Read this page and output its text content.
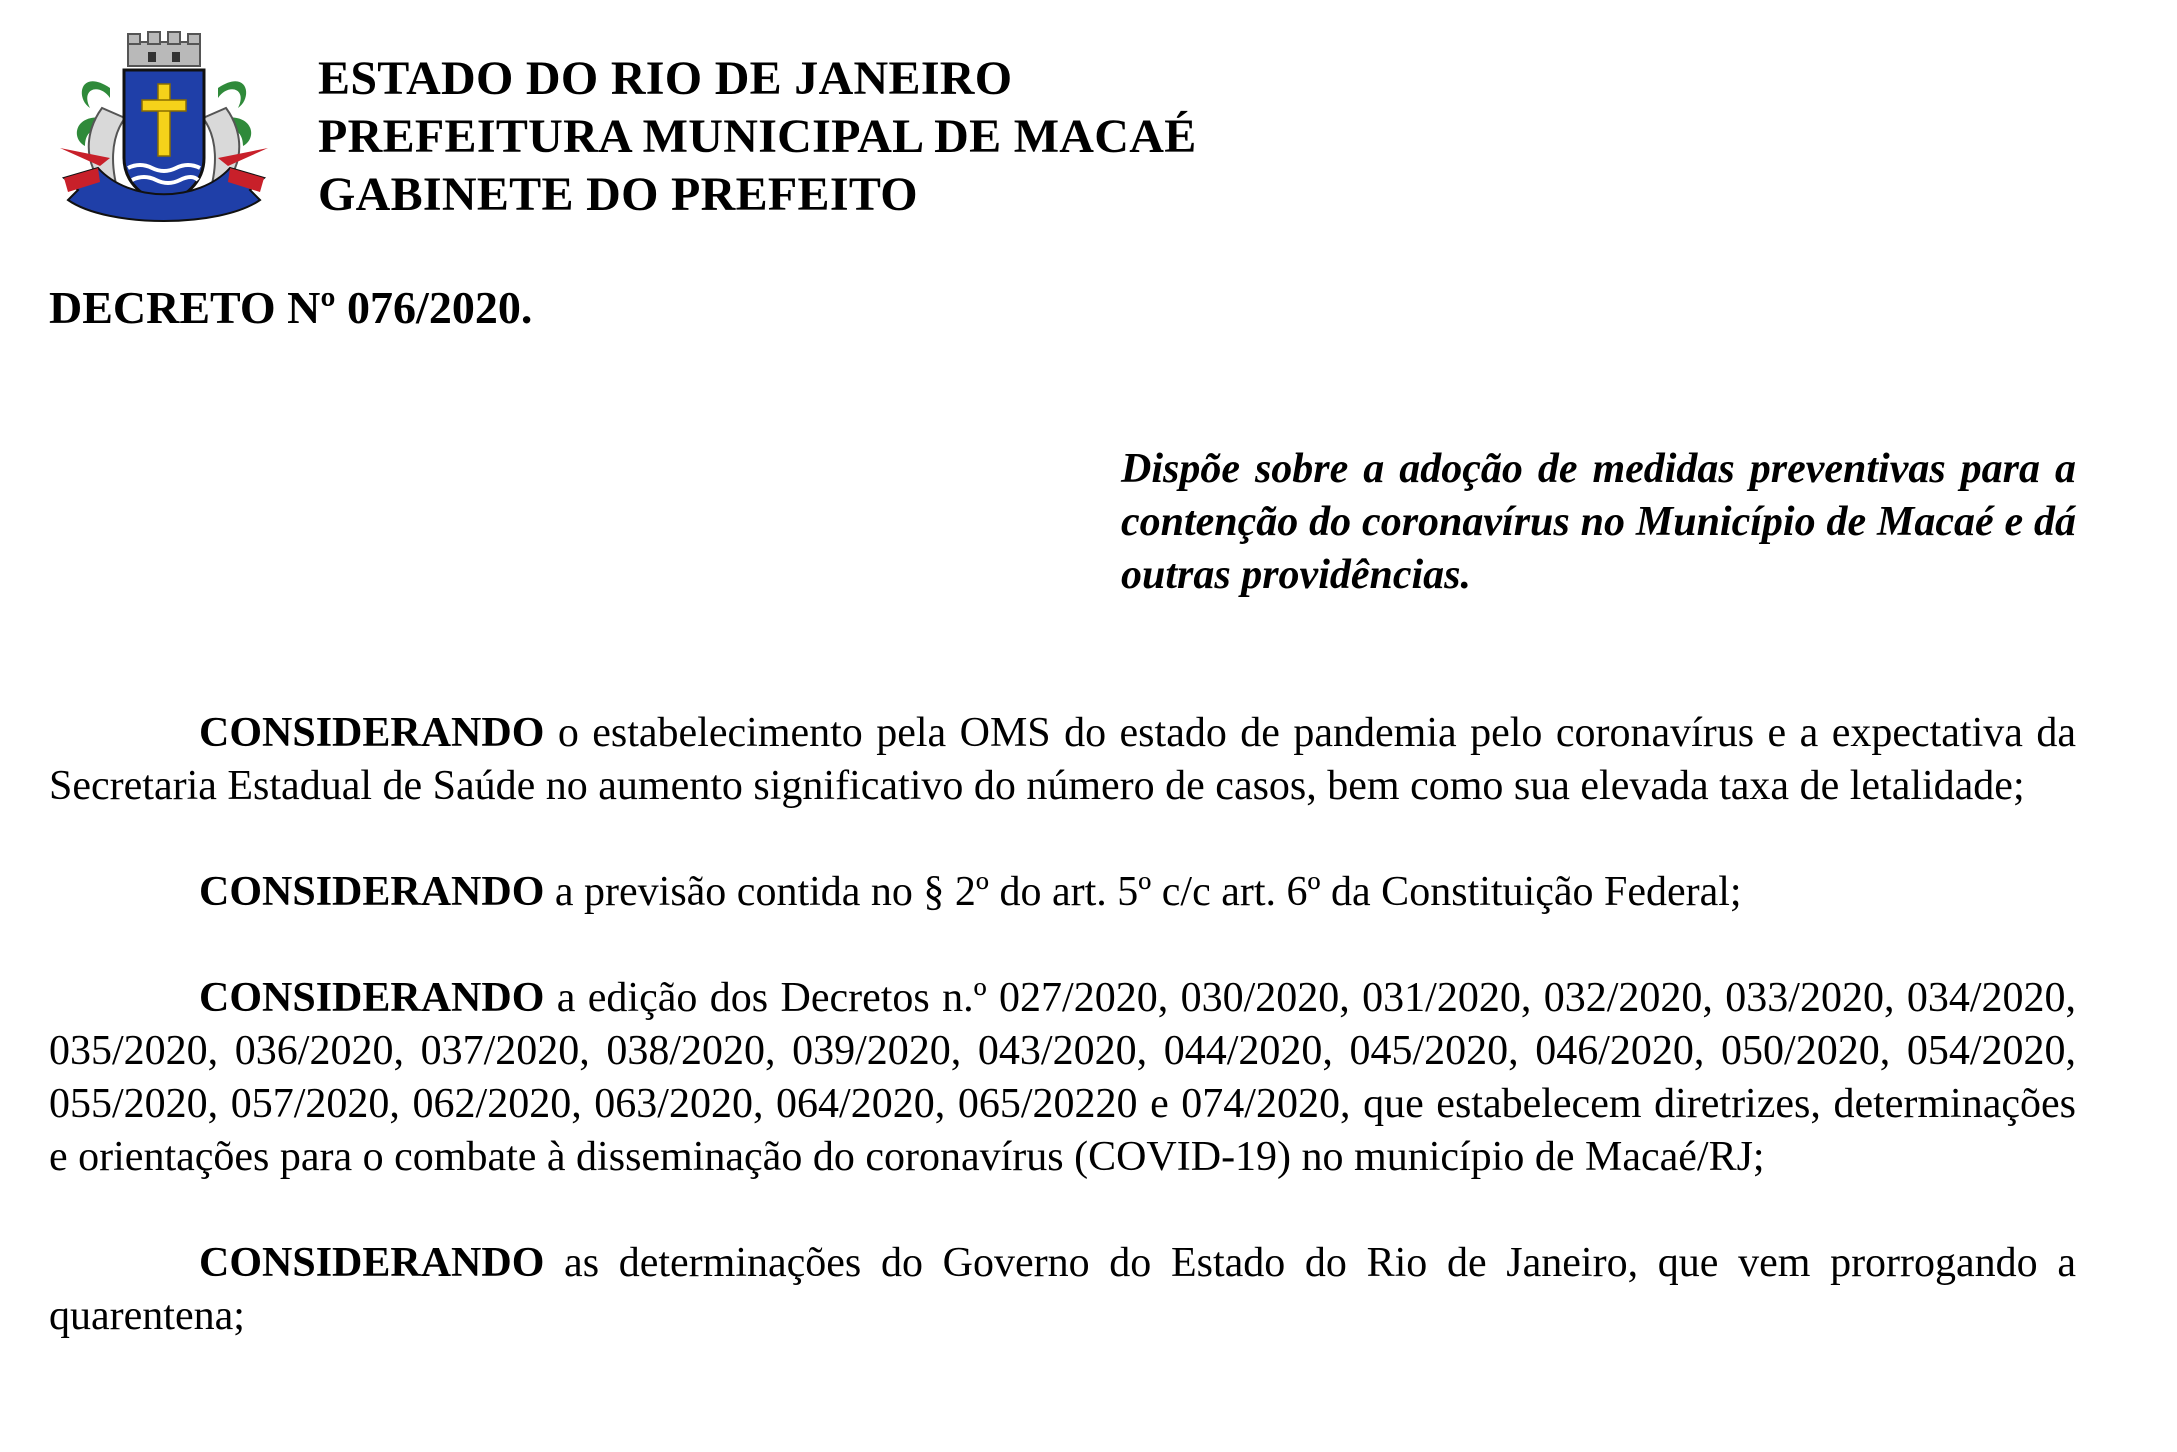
ESTADO DO RIO DE JANEIRO
PREFEITURA MUNICIPAL DE MACAÉ
GABINETE DO PREFEITO
DECRETO Nº 076/2020.
Dispõe sobre a adoção de medidas preventivas para a contenção do coronavírus no Município de Macaé e dá outras providências.

CONSIDERANDO o estabelecimento pela OMS do estado de pandemia pelo coronavírus e a expectativa da Secretaria Estadual de Saúde no aumento significativo do número de casos, bem como sua elevada taxa de letalidade;

CONSIDERANDO a previsão contida no § 2º do art. 5º c/c art. 6º da Constituição Federal;

CONSIDERANDO a edição dos Decretos n.º 027/2020, 030/2020, 031/2020, 032/2020, 033/2020, 034/2020, 035/2020, 036/2020, 037/2020, 038/2020, 039/2020, 043/2020, 044/2020, 045/2020, 046/2020, 050/2020, 054/2020, 055/2020, 057/2020, 062/2020, 063/2020, 064/2020, 065/20220 e 074/2020, que estabelecem diretrizes, determinações e orientações para o combate à disseminação do coronavírus (COVID-19) no município de Macaé/RJ;

CONSIDERANDO as determinações do Governo do Estado do Rio de Janeiro, que vem prorrogando a quarentena;
